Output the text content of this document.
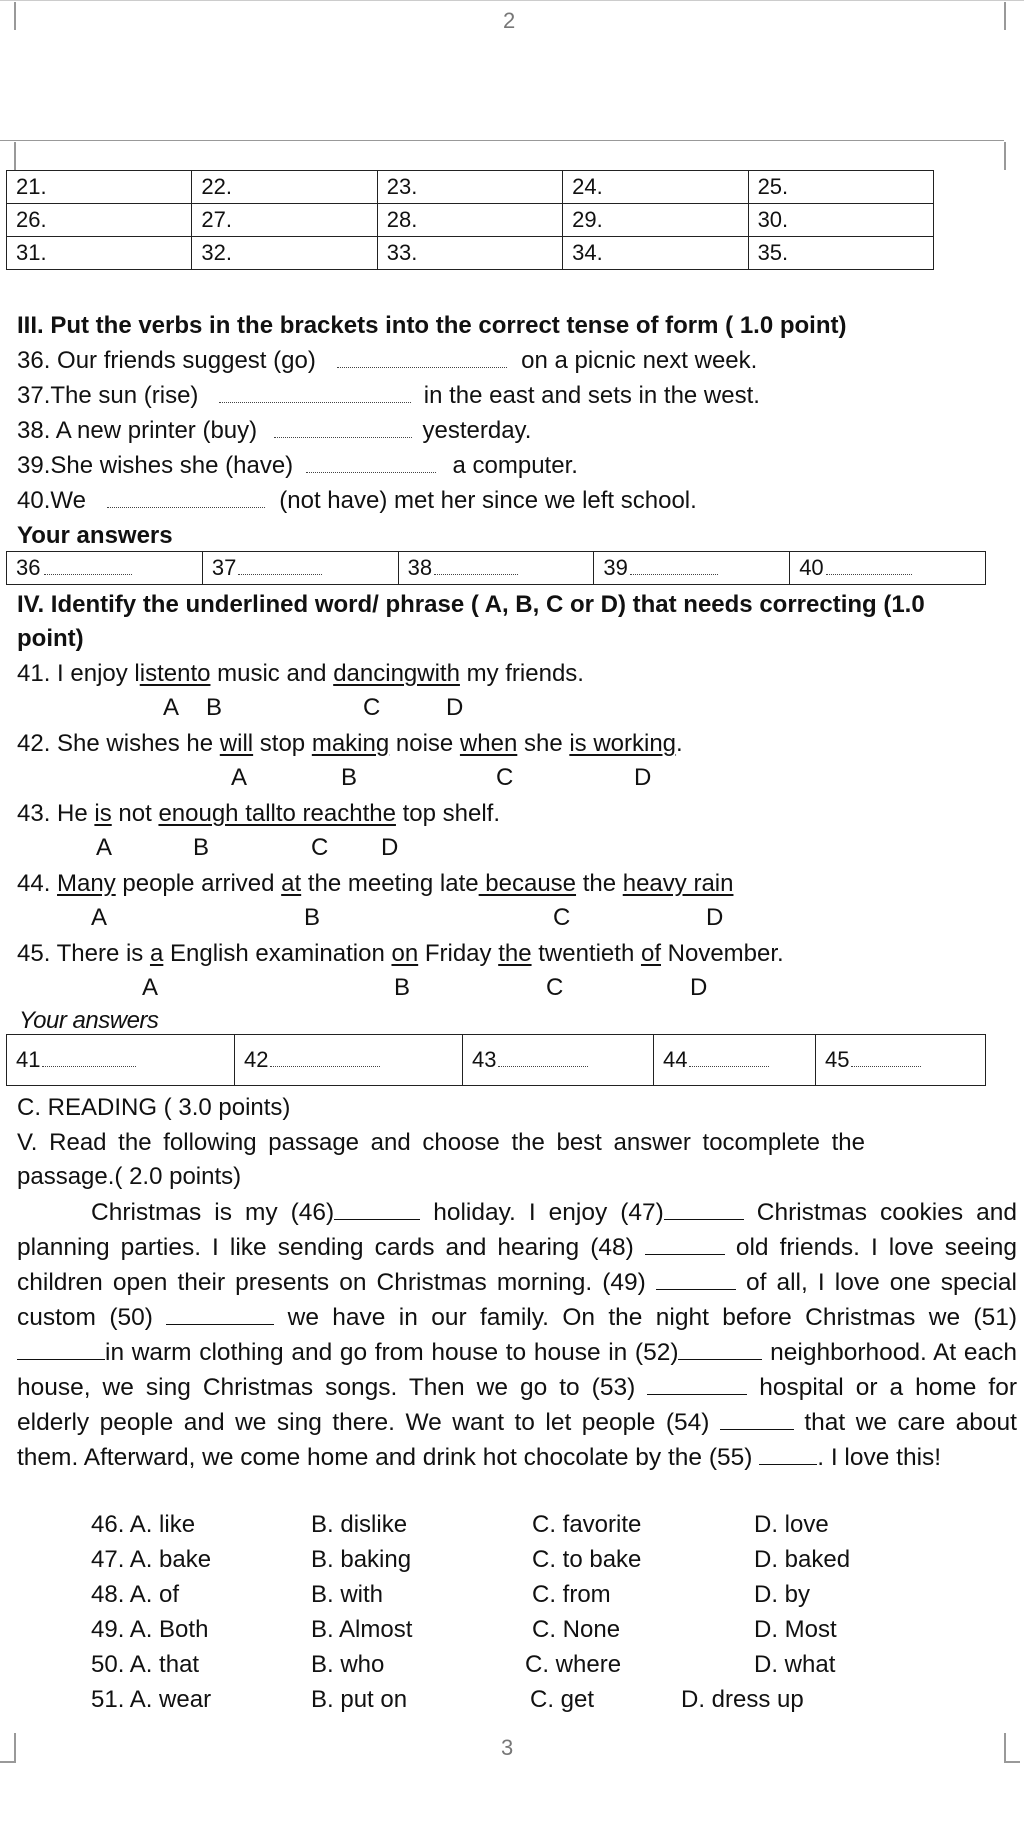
2
21.	22.	23.	24.	25.
26.	27.	28.	29.	30.
31.	32.	33.	34.	35.
III. Put the verbs in the brackets into the correct tense of form ( 1.0 point)
36. Our friends suggest (go)	on a picnic next week.
37.The sun (rise)	in the east and sets in the west.
38. A new printer (buy)	yesterday.
39.She wishes she (have)	a computer.
40.We	(not have) met her since we left school.
Your answers
36	37	38	39	40
IV. Identify the underlined word/ phrase ( A, B, C or D) that needs correcting (1.0
point)
41. I enjoy listento music and dancingwith my friends.
A B	C	D
42. She wishes he will stop making noise when she is working.
A	B	C	D
43. He is not enough tallto reachthe top shelf.
A	B	C D
44. Many people arrived at the meeting late because the heavy rain
A	B	C	D
45. There is a English examination on Friday the twentieth of November.
A	B	C	D
Your answers
41	42	43	44	45
C. READING ( 3.0 points)
V. Read the following passage and choose the best answer tocomplete the
passage.( 2.0 points)
Christmas is my (46)	holiday. I enjoy (47)	Christmas cookies and planning parties. I like sending cards and hearing (48)	old friends. I love seeing children open their presents on Christmas morning. (49)	of all, I love one special custom (50)	we have in our family. On the night before Christmas we (51) in warm clothing and go from house to house in (52)	neighborhood. At each house, we sing Christmas songs. Then we go to (53)	hospital or a home for elderly people and we sing there. We want to let people (54)	that we care about them. Afterward, we come home and drink hot chocolate by the (55) . I love this!
46. A. like	B. dislike	C. favorite	D. love
47. A. bake	B. baking	C. to bake	D. baked
48. A. of	B. with	C. from	D. by
49. A. Both	B. Almost	C. None	D. Most
50. A. that	B. who	C. where	D. what
51. A. wear	B. put on	C. get	D. dress up
3
